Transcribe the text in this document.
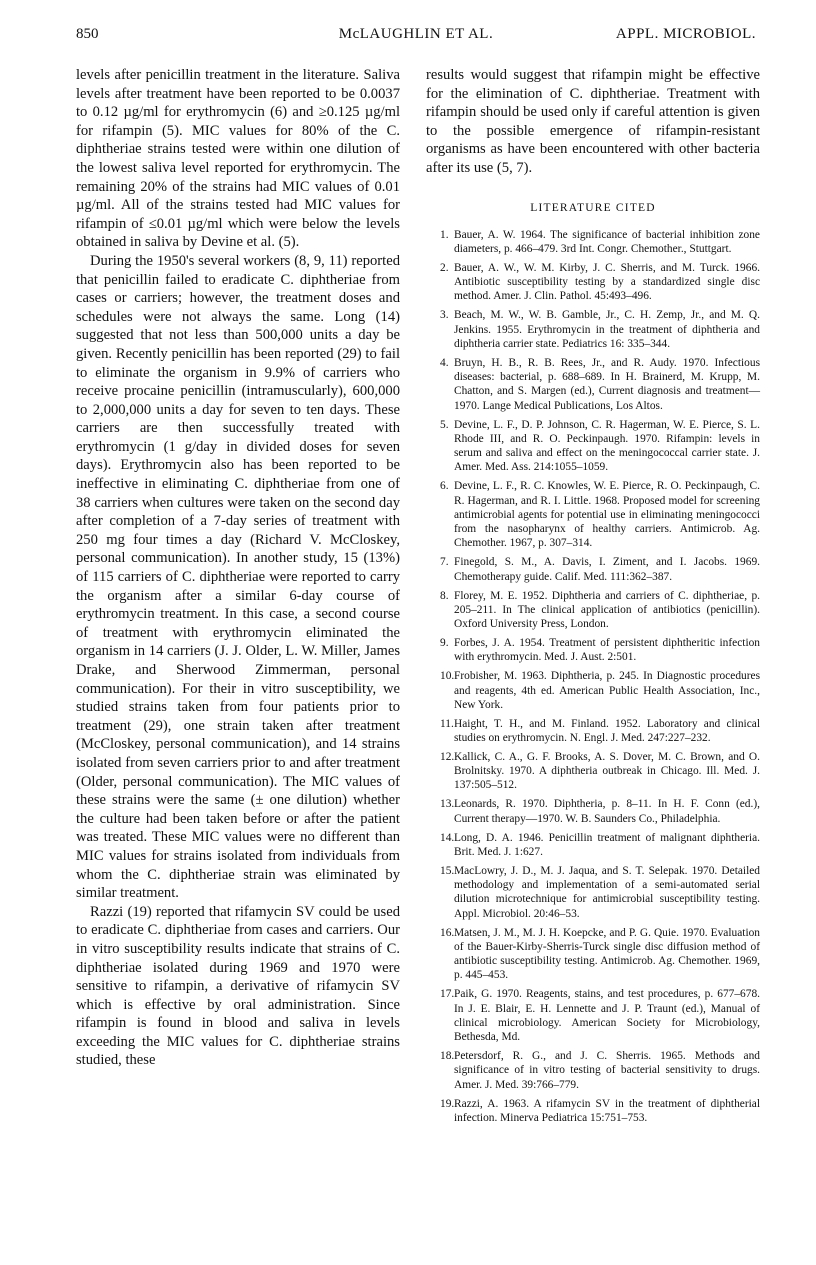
850	McLAUGHLIN ET AL.	APPL. MICROBIOL.

levels after penicillin treatment in the literature. Saliva levels after treatment have been reported to be 0.0037 to 0.12 µg/ml for erythromycin (6) and ≥0.125 µg/ml for rifampin (5). MIC values for 80% of the C. diphtheriae strains tested were within one dilution of the lowest saliva level reported for erythromycin. The remaining 20% of the strains had MIC values of 0.01 µg/ml. All of the strains tested had MIC values for rifampin of ≤0.01 µg/ml which were below the levels obtained in saliva by Devine et al. (5).

During the 1950's several workers (8, 9, 11) reported that penicillin failed to eradicate C. diphtheriae from cases or carriers; however, the treatment doses and schedules were not always the same. Long (14) suggested that not less than 500,000 units a day be given. Recently penicillin has been reported (29) to fail to eliminate the organism in 9.9% of carriers who receive procaine penicillin (intramuscularly), 600,000 to 2,000,000 units a day for seven to ten days. These carriers are then successfully treated with erythromycin (1 g/day in divided doses for seven days). Erythromycin also has been reported to be ineffective in eliminating C. diphtheriae from one of 38 carriers when cultures were taken on the second day after completion of a 7-day series of treatment with 250 mg four times a day (Richard V. McCloskey, personal communication). In another study, 15 (13%) of 115 carriers of C. diphtheriae were reported to carry the organism after a similar 6-day course of erythromycin treatment. In this case, a second course of treatment with erythromycin eliminated the organism in 14 carriers (J. J. Older, L. W. Miller, James Drake, and Sherwood Zimmerman, personal communication). For their in vitro susceptibility, we studied strains taken from four patients prior to treatment (29), one strain taken after treatment (McCloskey, personal communication), and 14 strains isolated from seven carriers prior to and after treatment (Older, personal communication). The MIC values of these strains were the same (± one dilution) whether the culture had been taken before or after the patient was treated. These MIC values were no different than MIC values for strains isolated from individuals from whom the C. diphtheriae strain was eliminated by similar treatment.

Razzi (19) reported that rifamycin SV could be used to eradicate C. diphtheriae from cases and carriers. Our in vitro susceptibility results indicate that strains of C. diphtheriae isolated during 1969 and 1970 were sensitive to rifampin, a derivative of rifamycin SV which is effective by oral administration. Since rifampin is found in blood and saliva in levels exceeding the MIC values for C. diphtheriae strains studied, these

results would suggest that rifampin might be effective for the elimination of C. diphtheriae. Treatment with rifampin should be used only if careful attention is given to the possible emergence of rifampin-resistant organisms as have been encountered with other bacteria after its use (5, 7).

LITERATURE CITED
1. Bauer, A. W. 1964. The significance of bacterial inhibition zone diameters, p. 466–479. 3rd Int. Congr. Chemother., Stuttgart.
2. Bauer, A. W., W. M. Kirby, J. C. Sherris, and M. Turck. 1966. Antibiotic susceptibility testing by a standardized single disc method. Amer. J. Clin. Pathol. 45:493–496.
3. Beach, M. W., W. B. Gamble, Jr., C. H. Zemp, Jr., and M. Q. Jenkins. 1955. Erythromycin in the treatment of diphtheria and diphtheria carrier state. Pediatrics 16: 335–344.
4. Bruyn, H. B., R. B. Rees, Jr., and R. Audy. 1970. Infectious diseases: bacterial, p. 688–689. In H. Brainerd, M. Krupp, M. Chatton, and S. Margen (ed.), Current diagnosis and treatment—1970. Lange Medical Publications, Los Altos.
5. Devine, L. F., D. P. Johnson, C. R. Hagerman, W. E. Pierce, S. L. Rhode III, and R. O. Peckinpaugh. 1970. Rifampin: levels in serum and saliva and effect on the meningococcal carrier state. J. Amer. Med. Ass. 214:1055–1059.
6. Devine, L. F., R. C. Knowles, W. E. Pierce, R. O. Peckinpaugh, C. R. Hagerman, and R. I. Little. 1968. Proposed model for screening antimicrobial agents for potential use in eliminating meningococci from the nasopharynx of healthy carriers. Antimicrob. Ag. Chemother. 1967, p. 307–314.
7. Finegold, S. M., A. Davis, I. Ziment, and I. Jacobs. 1969. Chemotherapy guide. Calif. Med. 111:362–387.
8. Florey, M. E. 1952. Diphtheria and carriers of C. diphtheriae, p. 205–211. In The clinical application of antibiotics (penicillin). Oxford University Press, London.
9. Forbes, J. A. 1954. Treatment of persistent diphtheritic infection with erythromycin. Med. J. Aust. 2:501.
10.Frobisher, M. 1963. Diphtheria, p. 245. In Diagnostic procedures and reagents, 4th ed. American Public Health Association, Inc., New York.
11.Haight, T. H., and M. Finland. 1952. Laboratory and clinical studies on erythromycin. N. Engl. J. Med. 247:227–232.
12.Kallick, C. A., G. F. Brooks, A. S. Dover, M. C. Brown, and O. Brolnitsky. 1970. A diphtheria outbreak in Chicago. Ill. Med. J. 137:505–512.
13.Leonards, R. 1970. Diphtheria, p. 8–11. In H. F. Conn (ed.), Current therapy—1970. W. B. Saunders Co., Philadelphia.
14.Long, D. A. 1946. Penicillin treatment of malignant diphtheria. Brit. Med. J. 1:627.
15.MacLowry, J. D., M. J. Jaqua, and S. T. Selepak. 1970. Detailed methodology and implementation of a semi-automated serial dilution microtechnique for antimicrobial susceptibility testing. Appl. Microbiol. 20:46–53.
16.Matsen, J. M., M. J. H. Koepcke, and P. G. Quie. 1970. Evaluation of the Bauer-Kirby-Sherris-Turck single disc diffusion method of antibiotic susceptibility testing. Antimicrob. Ag. Chemother. 1969, p. 445–453.
17.Paik, G. 1970. Reagents, stains, and test procedures, p. 677–678. In J. E. Blair, E. H. Lennette and J. P. Traunt (ed.), Manual of clinical microbiology. American Society for Microbiology, Bethesda, Md.
18.Petersdorf, R. G., and J. C. Sherris. 1965. Methods and significance of in vitro testing of bacterial sensitivity to drugs. Amer. J. Med. 39:766–779.
19.Razzi, A. 1963. A rifamycin SV in the treatment of diphtherial infection. Minerva Pediatrica 15:751–753.
